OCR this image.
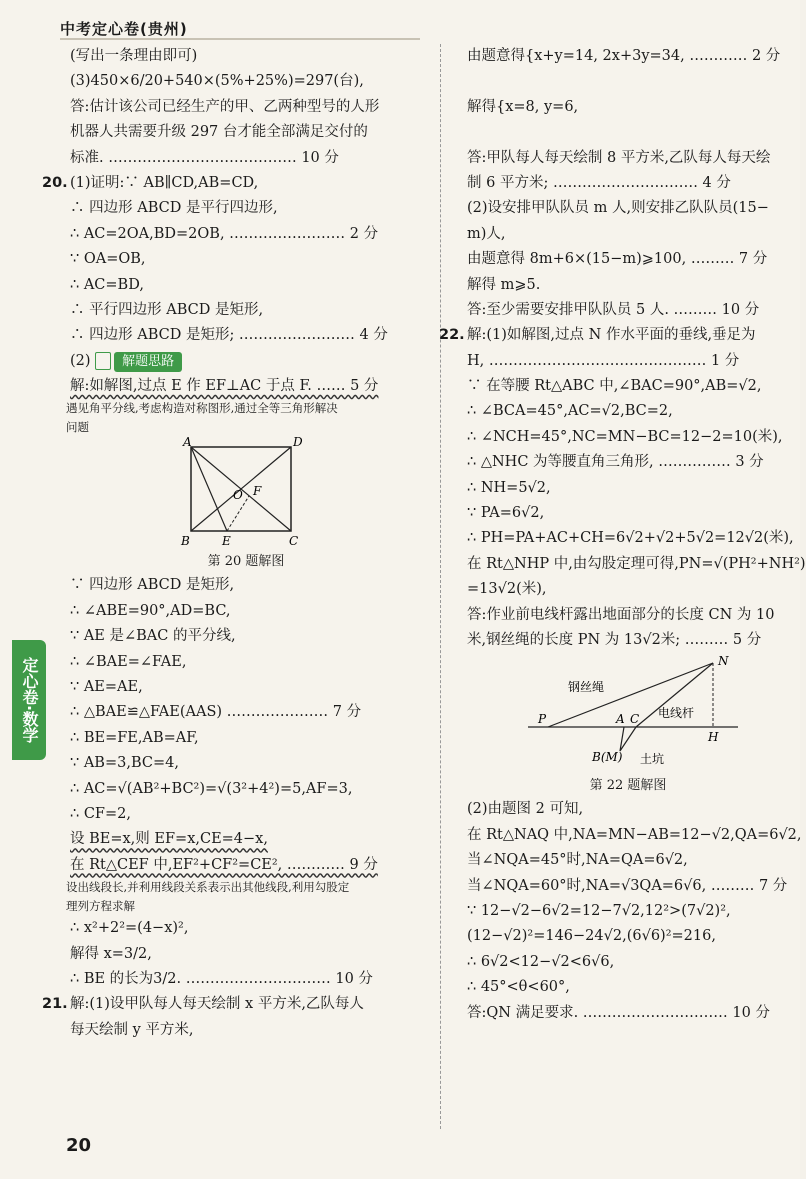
中考定心卷(贵州)
定心卷·数学
(写出一条理由即可)
(3)450×6/20+540×(5%+25%)=297(台),
答:估计该公司已经生产的甲、乙两种型号的人形
机器人共需要升级 297 台才能全部满足交付的
标准. ………………………………… 10 分
20. (1)证明:∵ AB∥CD,AB=CD,
∴ 四边形 ABCD 是平行四边形,
∴ AC=2OA,BD=2OB, …………………… 2 分
∵ OA=OB,
∴ AC=BD,
∴ 平行四边形 ABCD 是矩形,
∴ 四边形 ABCD 是矩形; …………………… 4 分
(2) 解题思路
解:如解图,过点 E 作 EF⊥AC 于点 F. …… 5 分
遇见角平分线,考虑构造对称图形,通过全等三角形解决
问题
A	D
B	E	C
O F
第 20 题解图
∵ 四边形 ABCD 是矩形,
∴ ∠ABE=90°,AD=BC,
∵ AE 是∠BAC 的平分线,
∴ ∠BAE=∠FAE,
∵ AE=AE,
∴ △BAE≌△FAE(AAS) ………………… 7 分
∴ BE=FE,AB=AF,
∵ AB=3,BC=4,
∴ AC=√(AB²+BC²)=√(3²+4²)=5,AF=3,
∴ CF=2,
设 BE=x,则 EF=x,CE=4−x,
在 Rt△CEF 中,EF²+CF²=CE², ………… 9 分
设出线段长,并利用线段关系表示出其他线段,利用勾股定
理列方程求解
∴ x²+2²=(4−x)²,
解得 x=3/2,
∴ BE 的长为3/2. ………………………… 10 分
21. 解:(1)设甲队每人每天绘制 x 平方米,乙队每人
每天绘制 y 平方米,
由题意得{x+y=14, 2x+3y=34, ………… 2 分
解得{x=8, y=6,
答:甲队每人每天绘制 8 平方米,乙队每人每天绘
制 6 平方米; ………………………… 4 分
(2)设安排甲队队员 m 人,则安排乙队队员(15−
m)人,
由题意得 8m+6×(15−m)⩾100, ……… 7 分
解得 m⩾5.
答:至少需要安排甲队队员 5 人. ……… 10 分
22. 解:(1)如解图,过点 N 作水平面的垂线,垂足为
H, ……………………………………… 1 分
∵ 在等腰 Rt△ABC 中,∠BAC=90°,AB=√2,
∴ ∠BCA=45°,AC=√2,BC=2,
∴ ∠NCH=45°,NC=MN−BC=12−2=10(米),
∴ △NHC 为等腰直角三角形, …………… 3 分
∴ NH=5√2,
∵ PA=6√2,
∴ PH=PA+AC+CH=6√2+√2+5√2=12√2(米),
在 Rt△NHP 中,由勾股定理可得,PN=√(PH²+NH²)
=13√2(米),
答:作业前电线杆露出地面部分的长度 CN 为 10
米,钢丝绳的长度 PN 为 13√2米; ……… 5 分
N
钢丝绳
电线杆
P	A C
H
B(M) 土坑
第 22 题解图
(2)由题图 2 可知,
在 Rt△NAQ 中,NA=MN−AB=12−√2,QA=6√2,
当∠NQA=45°时,NA=QA=6√2,
当∠NQA=60°时,NA=√3QA=6√6, ……… 7 分
∵ 12−√2−6√2=12−7√2,12²>(7√2)²,
(12−√2)²=146−24√2,(6√6)²=216,
∴ 6√2<12−√2<6√6,
∴ 45°<θ<60°,
答:QN 满足要求. ………………………… 10 分
20
